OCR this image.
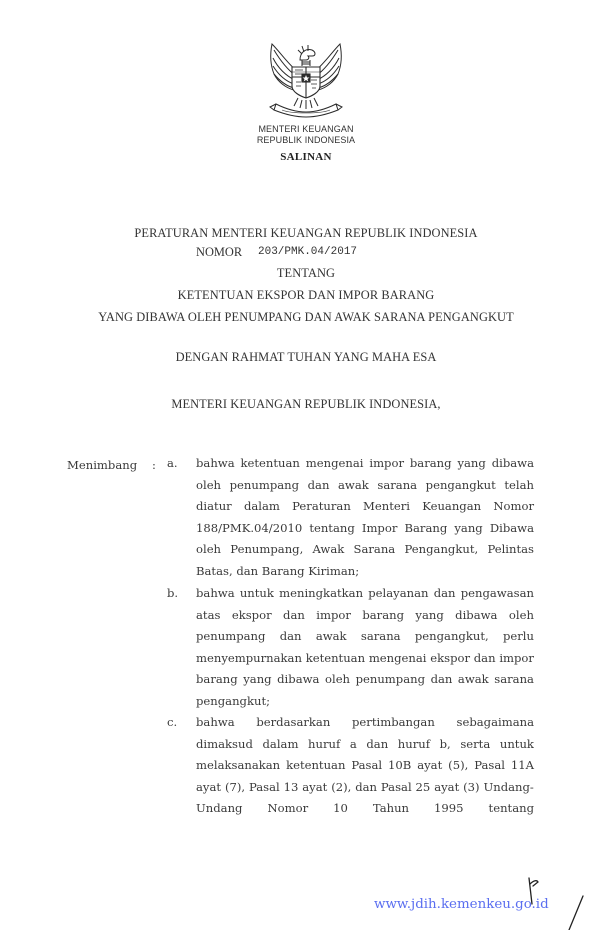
MENTERI KEUANGAN
REPUBLIK INDONESIA
SALINAN
PERATURAN MENTERI KEUANGAN REPUBLIK INDONESIA
NOMOR 203/PMK.04/2017
TENTANG
KETENTUAN EKSPOR DAN IMPOR BARANG
YANG DIBAWA OLEH PENUMPANG DAN AWAK SARANA PENGANGKUT
DENGAN RAHMAT TUHAN YANG MAHA ESA
MENTERI KEUANGAN REPUBLIK INDONESIA,
Menimbang : a. bahwa ketentuan mengenai impor barang yang dibawa
oleh penumpang dan awak sarana pengangkut telah
diatur dalam Peraturan Menteri Keuangan Nomor
188/PMK.04/2010 tentang Impor Barang yang Dibawa
oleh Penumpang, Awak Sarana Pengangkut, Pelintas
Batas, dan Barang Kiriman;
b. bahwa untuk meningkatkan pelayanan dan pengawasan
atas ekspor dan impor barang yang dibawa oleh
penumpang dan awak sarana pengangkut, perlu
menyempurnakan ketentuan mengenai ekspor dan impor
barang yang dibawa oleh penumpang dan awak sarana
pengangkut;
c. bahwa berdasarkan pertimbangan sebagaimana
dimaksud dalam huruf a dan huruf b, serta untuk
melaksanakan ketentuan Pasal 10B ayat (5), Pasal 11A
ayat (7), Pasal 13 ayat (2), dan Pasal 25 ayat (3) Undang-
Undang Nomor 10 Tahun 1995 tentang
www.jdih.kemenkeu.go.id
